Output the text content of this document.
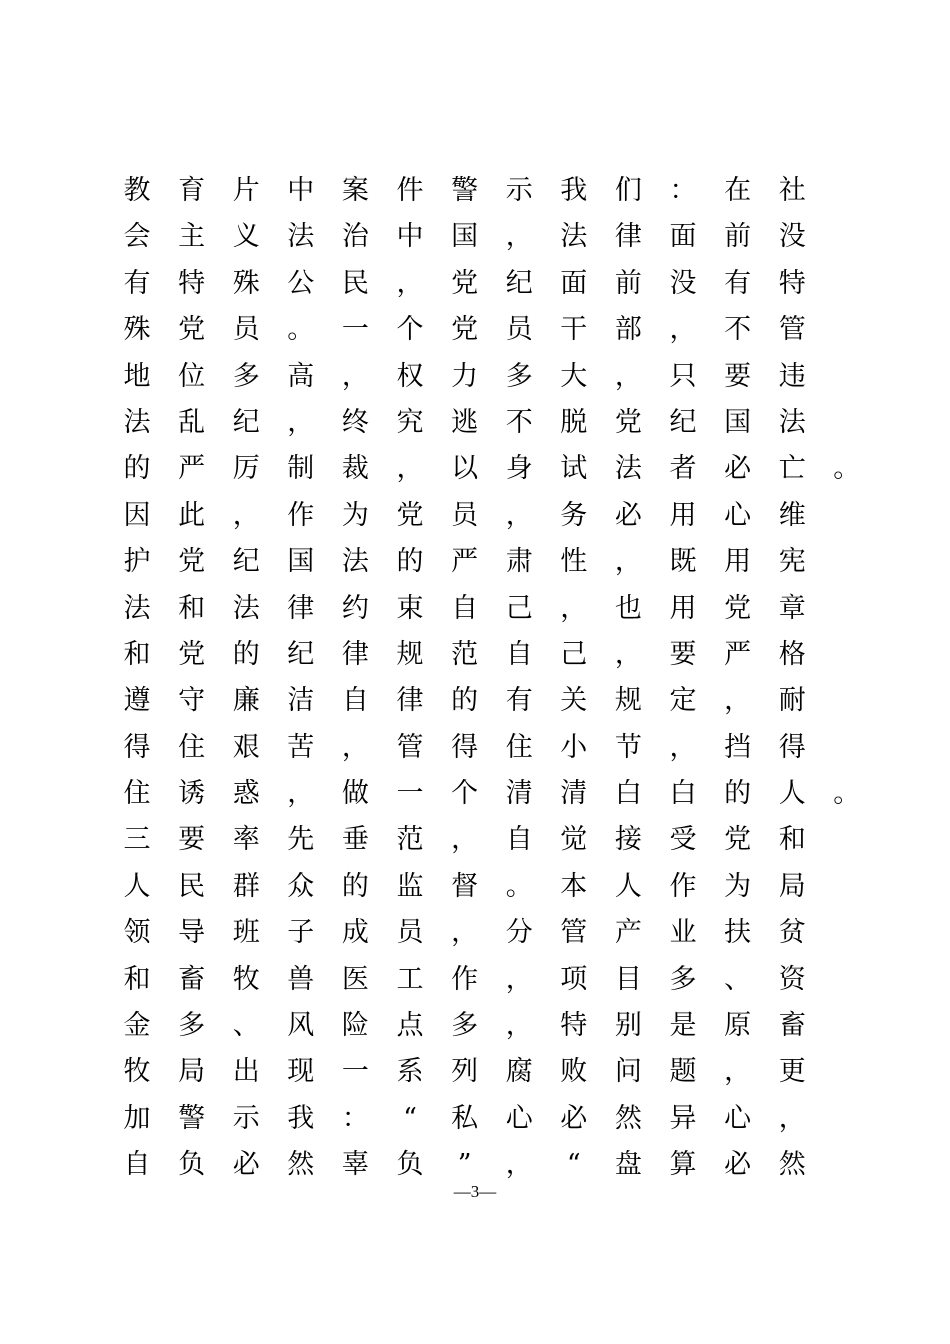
教	育	片	中	案	件	警	示	我	们	：	在	社
会	主	义	法	治	中	国	，	法	律	面	前	没
有	特	殊	公	民	，	党	纪	面	前	没	有	特
殊	党	员	。	一	个	党	员	干	部	，	不	管
地	位	多	高	，	权	力	多	大	，	只	要	违
法	乱	纪	，	终	究	逃	不	脱	党	纪	国	法
的	严	厉	制	裁	，	以	身	试	法	者	必	亡	。
因	此	，	作	为	党	员	，	务	必	用	心	维
护	党	纪	国	法	的	严	肃	性	，	既	用	宪
法	和	法	律	约	束	自	己	，	也	用	党	章
和	党	的	纪	律	规	范	自	己	，	要	严	格
遵	守	廉	洁	自	律	的	有	关	规	定	，	耐
得	住	艰	苦	，	管	得	住	小	节	，	挡	得
住	诱	惑	，	做	一	个	清	清	白	白	的	人	。
三	要	率	先	垂	范	，	自	觉	接	受	党	和
人	民	群	众	的	监	督	。	本	人	作	为	局
领	导	班	子	成	员	，	分	管	产	业	扶	贫
和	畜	牧	兽	医	工	作	，	项	目	多	、	资
金	多	、	风	险	点	多	，	特	别	是	原	畜
牧	局	出	现	一	系	列	腐	败	问	题	，	更
加	警	示	我	：	“	私	心	必	然	异	心	，
自	负	必	然	辜	负	”	，	“	盘	算	必	然
—3—
